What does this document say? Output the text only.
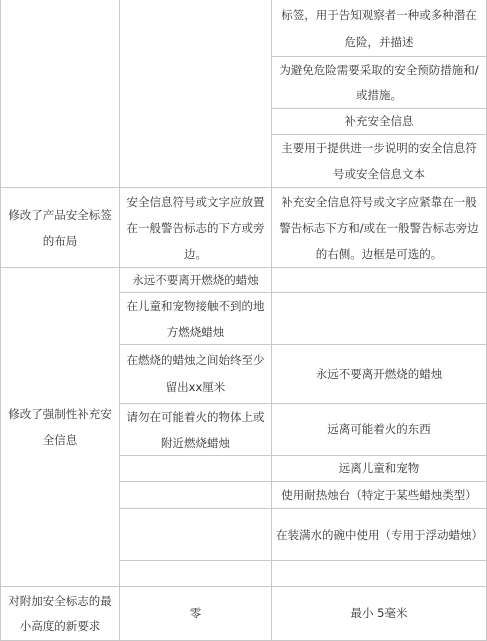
标签，用于告知观察者一种或多种潜在危险，并描述
为避免危险需要采取的安全预防措施和/或措施。
补充安全信息
主要用于提供进一步说明的安全信息符号或安全信息文本
修改了产品安全标签的布局
安全信息符号或文字应放置在一般警告标志的下方或旁边。
补充安全信息符号或文字应紧靠在一般警告标志下方和/或在一般警告标志旁边的右侧。边框是可选的。
修改了强制性补充安全信息
永远不要离开燃烧的蜡烛
在儿童和宠物接触不到的地方燃烧蜡烛
在燃烧的蜡烛之间始终至少留出xx厘米
请勿在可能着火的物体上或附近燃烧蜡烛
永远不要离开燃烧的蜡烛
远离可能着火的东西
远离儿童和宠物
使用耐热烛台（特定于某些蜡烛类型）
在装满水的碗中使用（专用于浮动蜡烛）
对附加安全标志的最小高度的新要求
零	最小 5毫米
